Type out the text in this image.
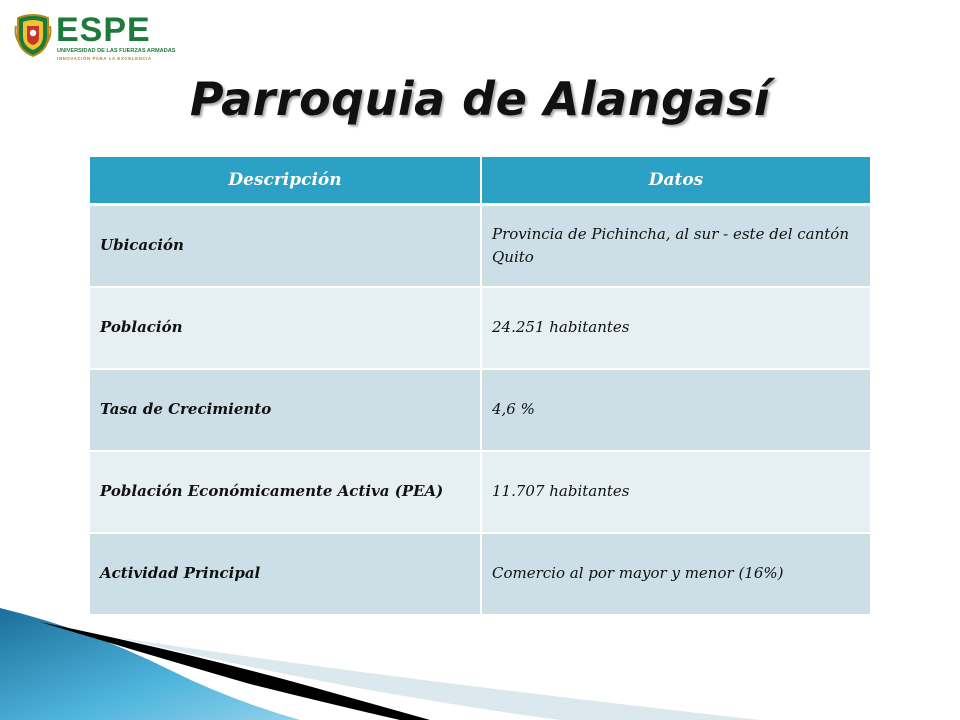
ESPE
UNIVERSIDAD DE LAS FUERZAS ARMADAS
INNOVACIÓN PARA LA EXCELENCIA
Parroquia de Alangasí
Descripción	Datos
Ubicación	Provincia de Pichincha, al sur - este del cantón Quito
Población	24.251 habitantes
Tasa de Crecimiento	4,6 %
Población Económicamente Activa (PEA)	11.707 habitantes
Actividad Principal	Comercio al por mayor y menor (16%)
